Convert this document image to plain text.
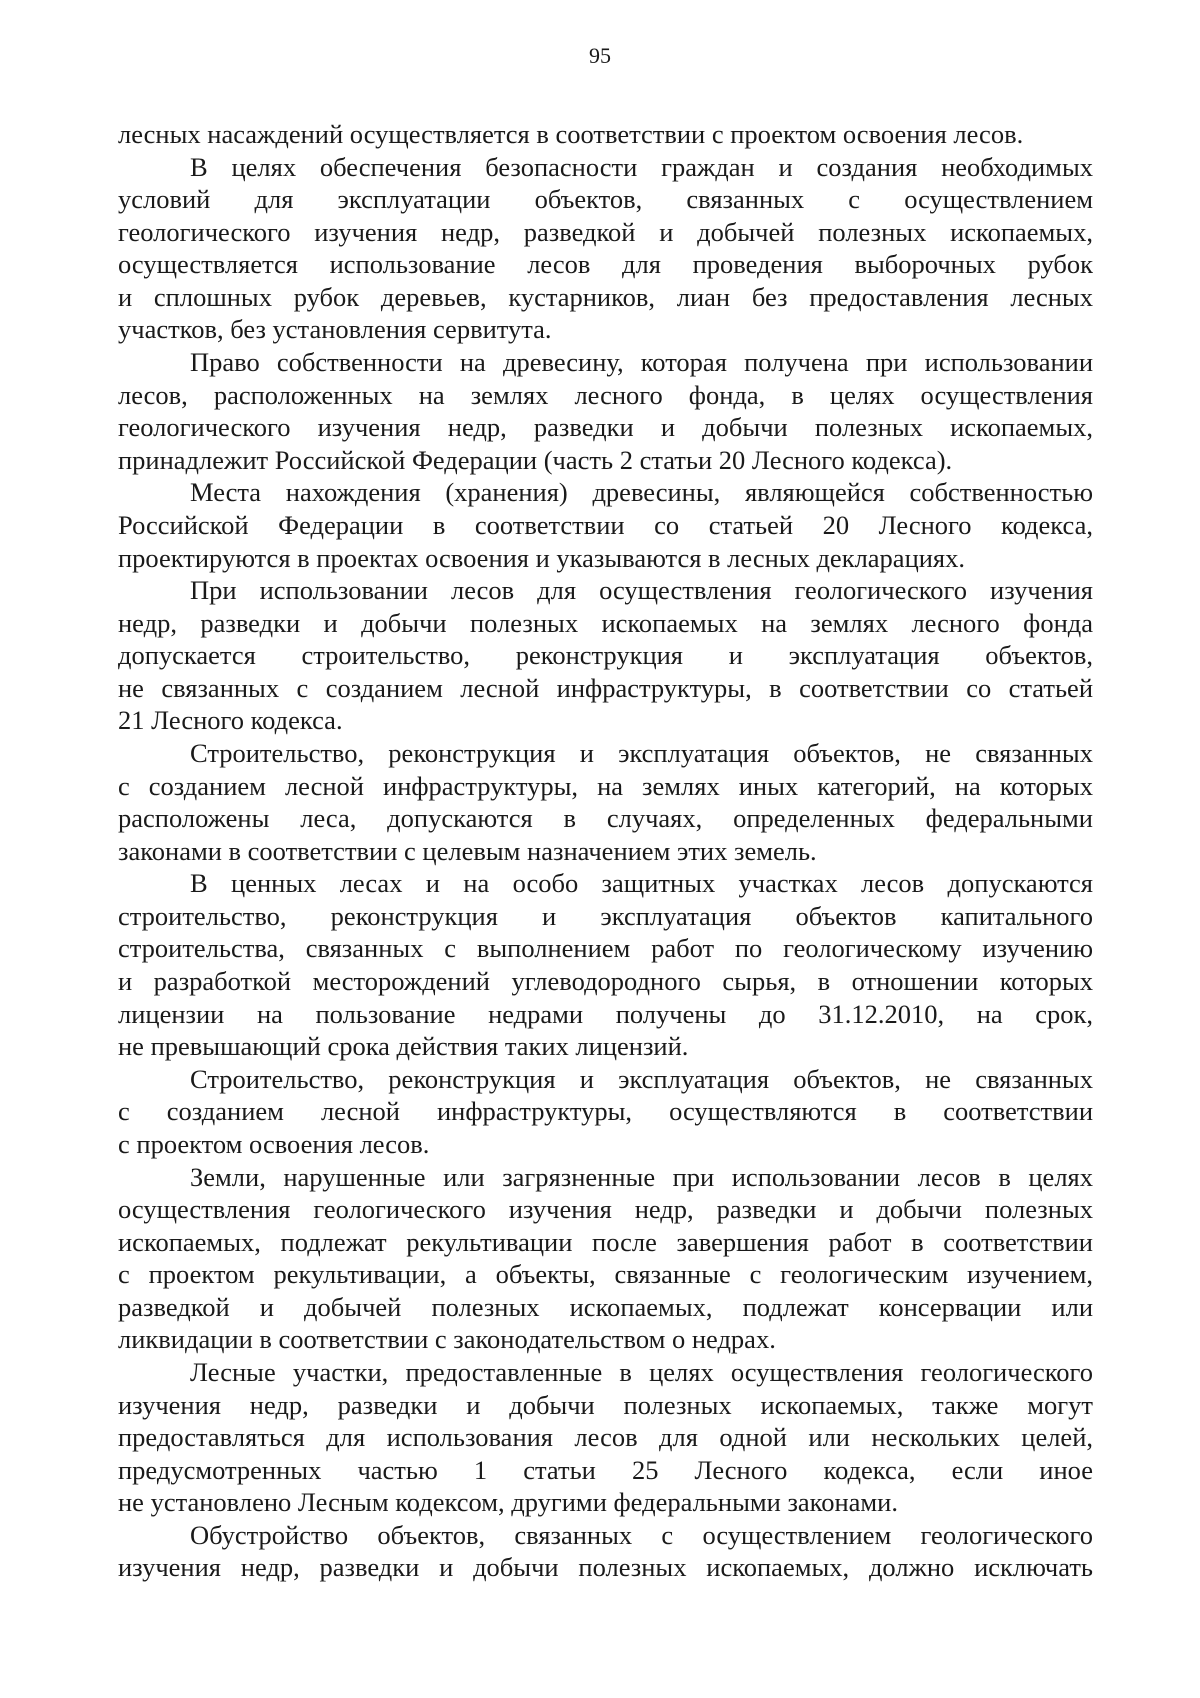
95
лесных насаждений осуществляется в соответствии с проектом освоения лесов.
В целях обеспечения безопасности граждан и создания необходимых
условий для эксплуатации объектов, связанных с осуществлением
геологического изучения недр, разведкой и добычей полезных ископаемых,
осуществляется использование лесов для проведения выборочных рубок
и сплошных рубок деревьев, кустарников, лиан без предоставления лесных
участков, без установления сервитута.
Право собственности на древесину, которая получена при использовании
лесов, расположенных на землях лесного фонда, в целях осуществления
геологического изучения недр, разведки и добычи полезных ископаемых,
принадлежит Российской Федерации (часть 2 статьи 20 Лесного кодекса).
Места нахождения (хранения) древесины, являющейся собственностью
Российской Федерации в соответствии со статьей 20 Лесного кодекса,
проектируются в проектах освоения и указываются в лесных декларациях.
При использовании лесов для осуществления геологического изучения
недр, разведки и добычи полезных ископаемых на землях лесного фонда
допускается строительство, реконструкция и эксплуатация объектов,
не связанных с созданием лесной инфраструктуры, в соответствии со статьей
21 Лесного кодекса.
Строительство, реконструкция и эксплуатация объектов, не связанных
с созданием лесной инфраструктуры, на землях иных категорий, на которых
расположены леса, допускаются в случаях, определенных федеральными
законами в соответствии с целевым назначением этих земель.
В ценных лесах и на особо защитных участках лесов допускаются
строительство, реконструкция и эксплуатация объектов капитального
строительства, связанных с выполнением работ по геологическому изучению
и разработкой месторождений углеводородного сырья, в отношении которых
лицензии на пользование недрами получены до 31.12.2010, на срок,
не превышающий срока действия таких лицензий.
Строительство, реконструкция и эксплуатация объектов, не связанных
с созданием лесной инфраструктуры, осуществляются в соответствии
с проектом освоения лесов.
Земли, нарушенные или загрязненные при использовании лесов в целях
осуществления геологического изучения недр, разведки и добычи полезных
ископаемых, подлежат рекультивации после завершения работ в соответствии
с проектом рекультивации, а объекты, связанные с геологическим изучением,
разведкой и добычей полезных ископаемых, подлежат консервации или
ликвидации в соответствии с законодательством о недрах.
Лесные участки, предоставленные в целях осуществления геологического
изучения недр, разведки и добычи полезных ископаемых, также могут
предоставляться для использования лесов для одной или нескольких целей,
предусмотренных частью 1 статьи 25 Лесного кодекса, если иное
не установлено Лесным кодексом, другими федеральными законами.
Обустройство объектов, связанных с осуществлением геологического
изучения недр, разведки и добычи полезных ископаемых, должно исключать
